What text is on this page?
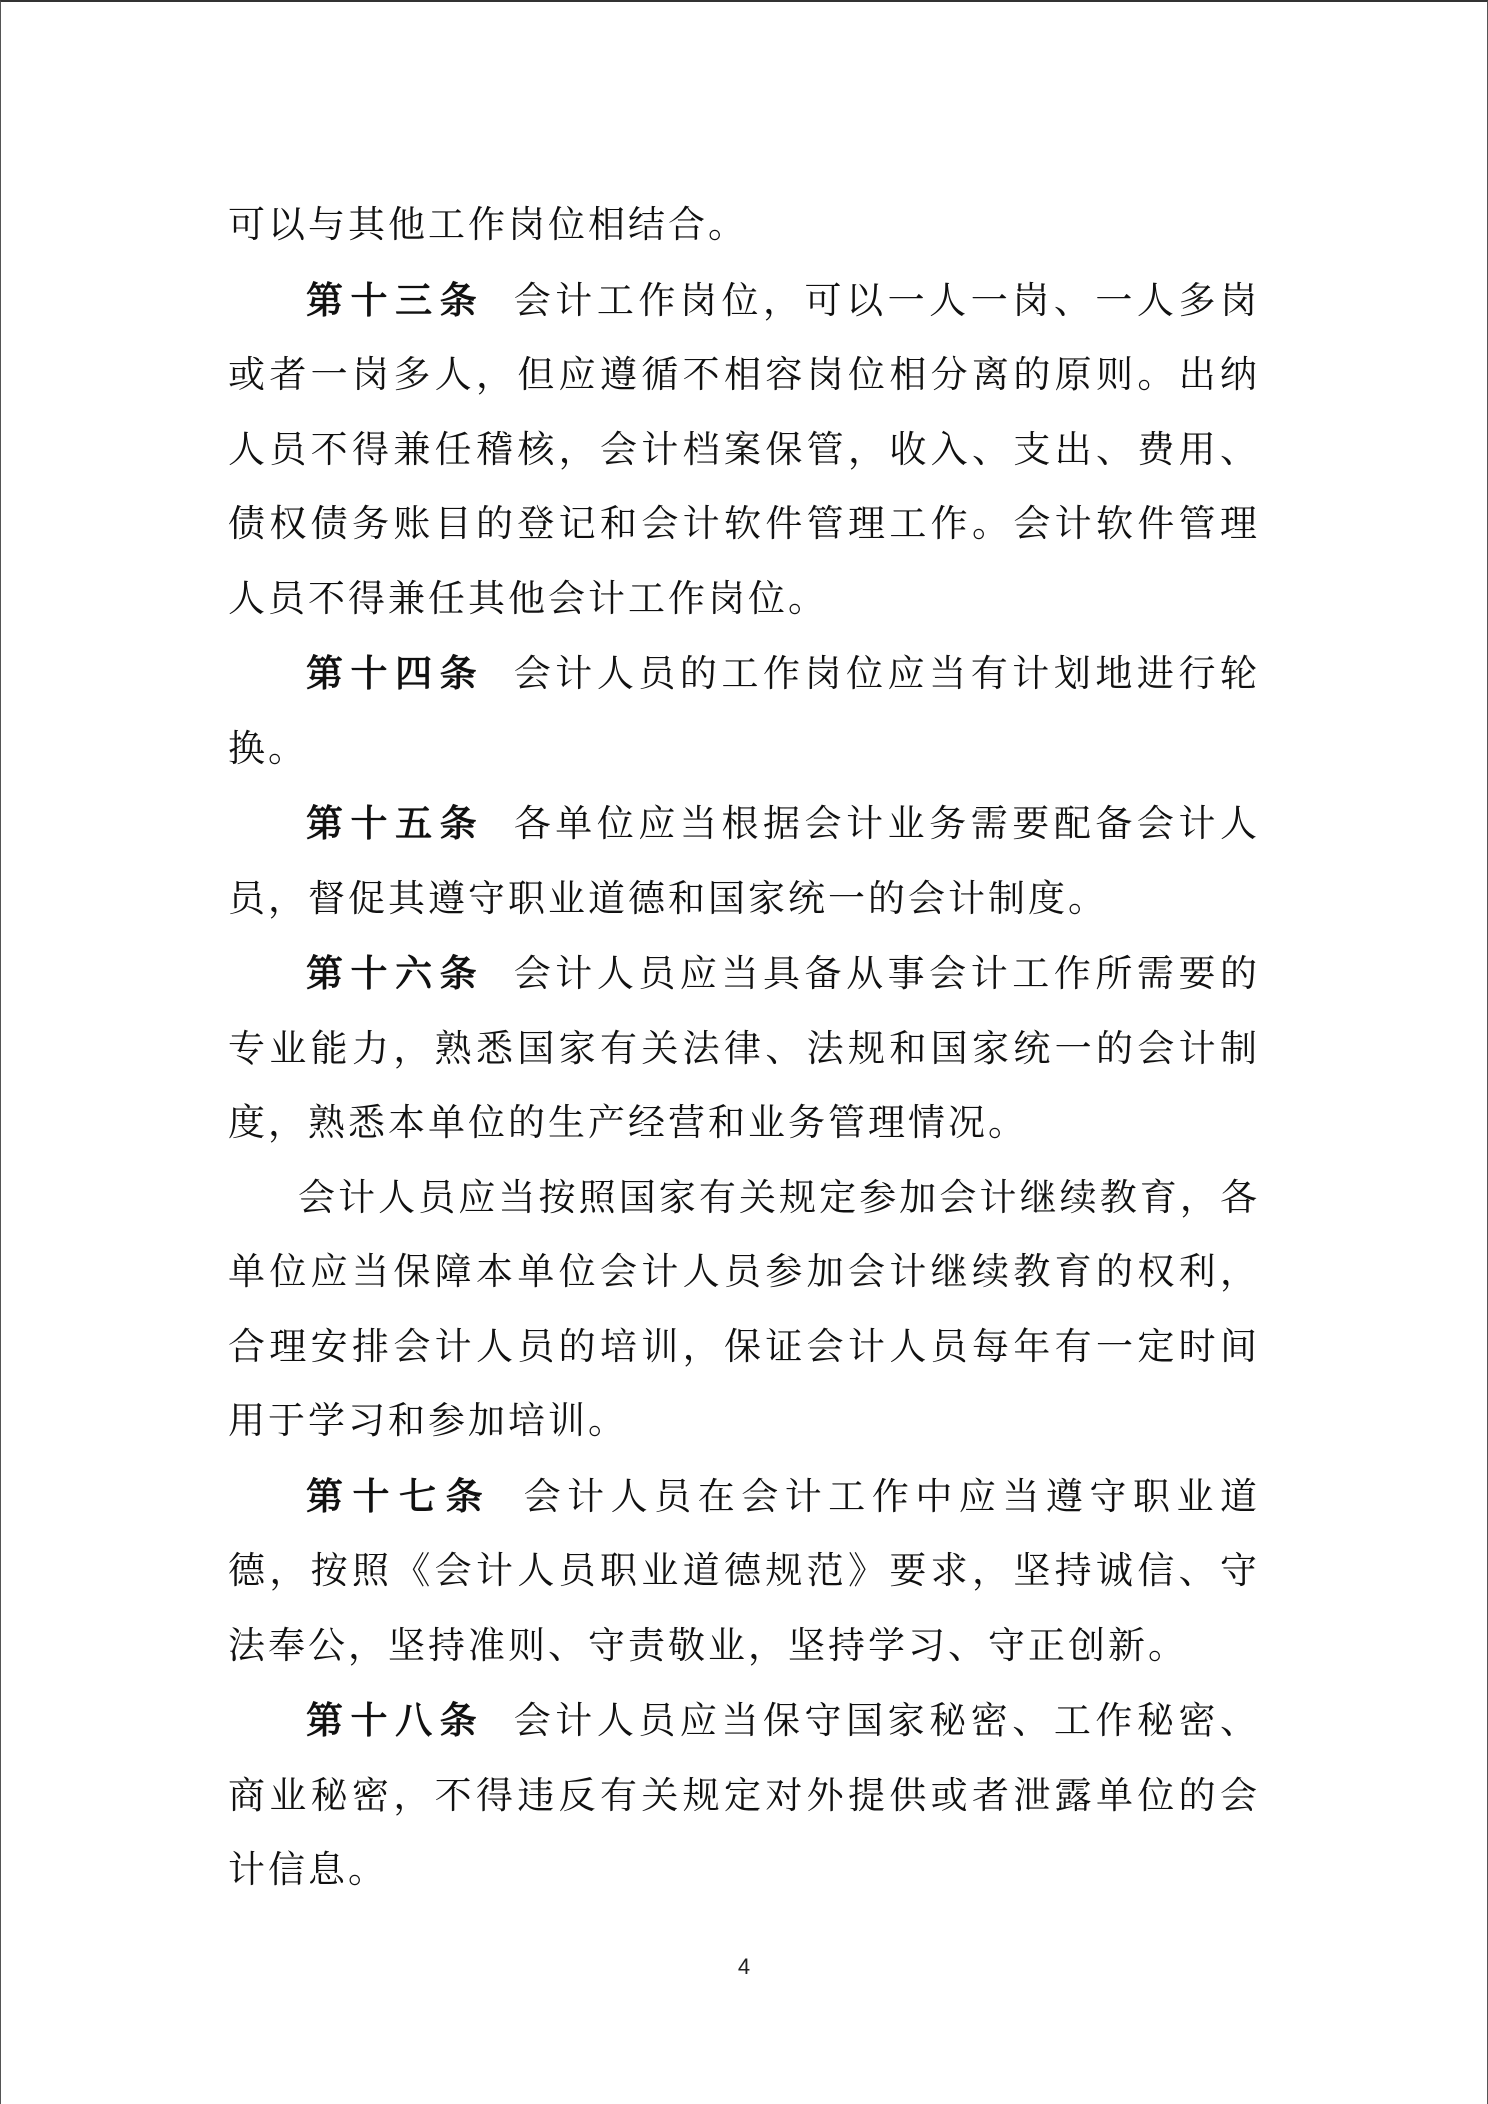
可以与其他工作岗位相结合。

第十三条 会计工作岗位，可以一人一岗、一人多岗或者一岗多人，但应遵循不相容岗位相分离的原则。出纳人员不得兼任稽核，会计档案保管，收入、支出、费用、债权债务账目的登记和会计软件管理工作。会计软件管理人员不得兼任其他会计工作岗位。

第十四条 会计人员的工作岗位应当有计划地进行轮换。

第十五条 各单位应当根据会计业务需要配备会计人员，督促其遵守职业道德和国家统一的会计制度。

第十六条 会计人员应当具备从事会计工作所需要的专业能力，熟悉国家有关法律、法规和国家统一的会计制度，熟悉本单位的生产经营和业务管理情况。

会计人员应当按照国家有关规定参加会计继续教育，各单位应当保障本单位会计人员参加会计继续教育的权利，合理安排会计人员的培训，保证会计人员每年有一定时间用于学习和参加培训。

第十七条 会计人员在会计工作中应当遵守职业道德，按照《会计人员职业道德规范》要求，坚持诚信、守法奉公，坚持准则、守责敬业，坚持学习、守正创新。

第十八条 会计人员应当保守国家秘密、工作秘密、商业秘密，不得违反有关规定对外提供或者泄露单位的会计信息。

4
